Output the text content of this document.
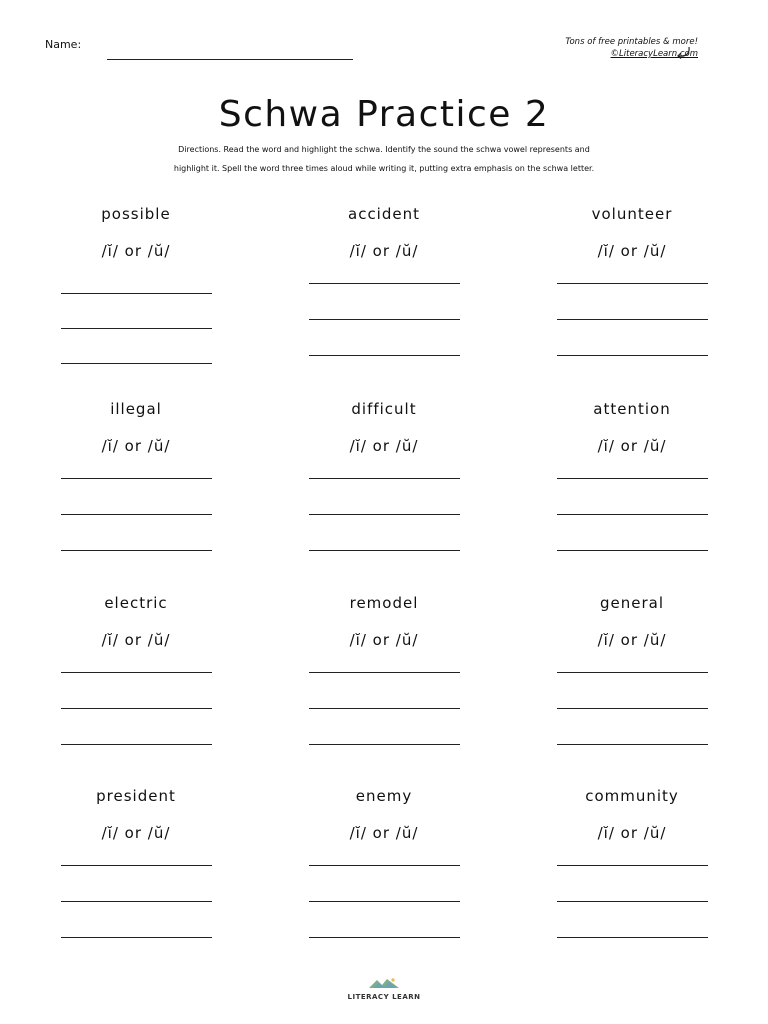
Name:	Tons of free printables & more!
©LiteracyLearn.com
Schwa Practice 2
Directions. Read the word and highlight the schwa. Identify the sound the schwa vowel represents and
highlight it. Spell the word three times aloud while writing it, putting extra emphasis on the schwa letter.
possible
/ĭ/ or /ŭ/
accident
/ĭ/ or /ŭ/
volunteer
/ĭ/ or /ŭ/
illegal
/ĭ/ or /ŭ/
difficult
/ĭ/ or /ŭ/
attention
/ĭ/ or /ŭ/
electric
/ĭ/ or /ŭ/
remodel
/ĭ/ or /ŭ/
general
/ĭ/ or /ŭ/
president
/ĭ/ or /ŭ/
enemy
/ĭ/ or /ŭ/
community
/ĭ/ or /ŭ/
LITERACY LEARN
